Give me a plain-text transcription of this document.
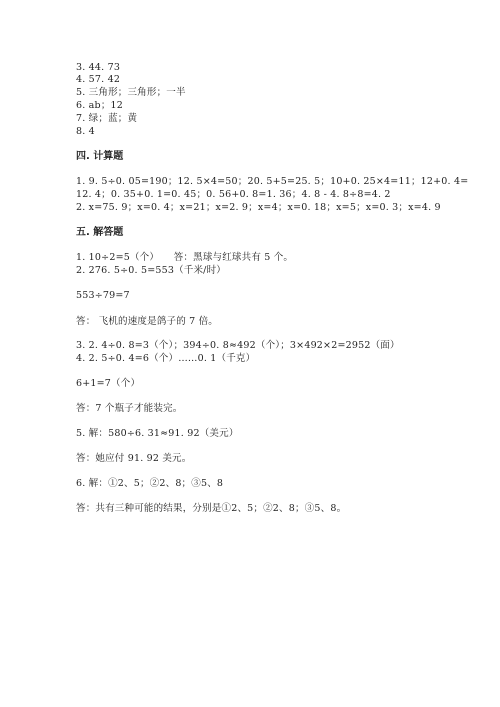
3. 44. 73
4. 57. 42
5. 三角形；三角形；一半
6. ab；12
7. 绿；蓝；黄
8. 4
四. 计算题
1. 9. 5÷0. 05=190；12. 5×4=50；20. 5+5=25. 5；10+0. 25×4=11；12+0. 4=
12. 4；0. 35+0. 1=0. 45；0. 56+0. 8=1. 36；4. 8 - 4. 8÷8=4. 2
2. x=75. 9；x=0. 4；x=21；x=2. 9；x=4；x=0. 18；x=5；x=0. 3；x=4. 9
五. 解答题
1. 10÷2=5（个）　　答：黑球与红球共有 5 个。
2. 276. 5÷0. 5=553（千米/时）
553÷79=7
答： 飞机的速度是鸽子的 7 倍。
3. 2. 4÷0. 8=3（个）；394÷0. 8≈492（个）；3×492×2=2952（面）
4. 2. 5÷0. 4=6（个）……0. 1（千克）
6+1=7（个）
答：7 个瓶子才能装完。
5. 解：580÷6. 31≈91. 92（美元）
答：她应付 91. 92 美元。
6. 解：①2、5；②2、8；③5、8
答：共有三种可能的结果，分别是①2、5；②2、8；③5、8。
